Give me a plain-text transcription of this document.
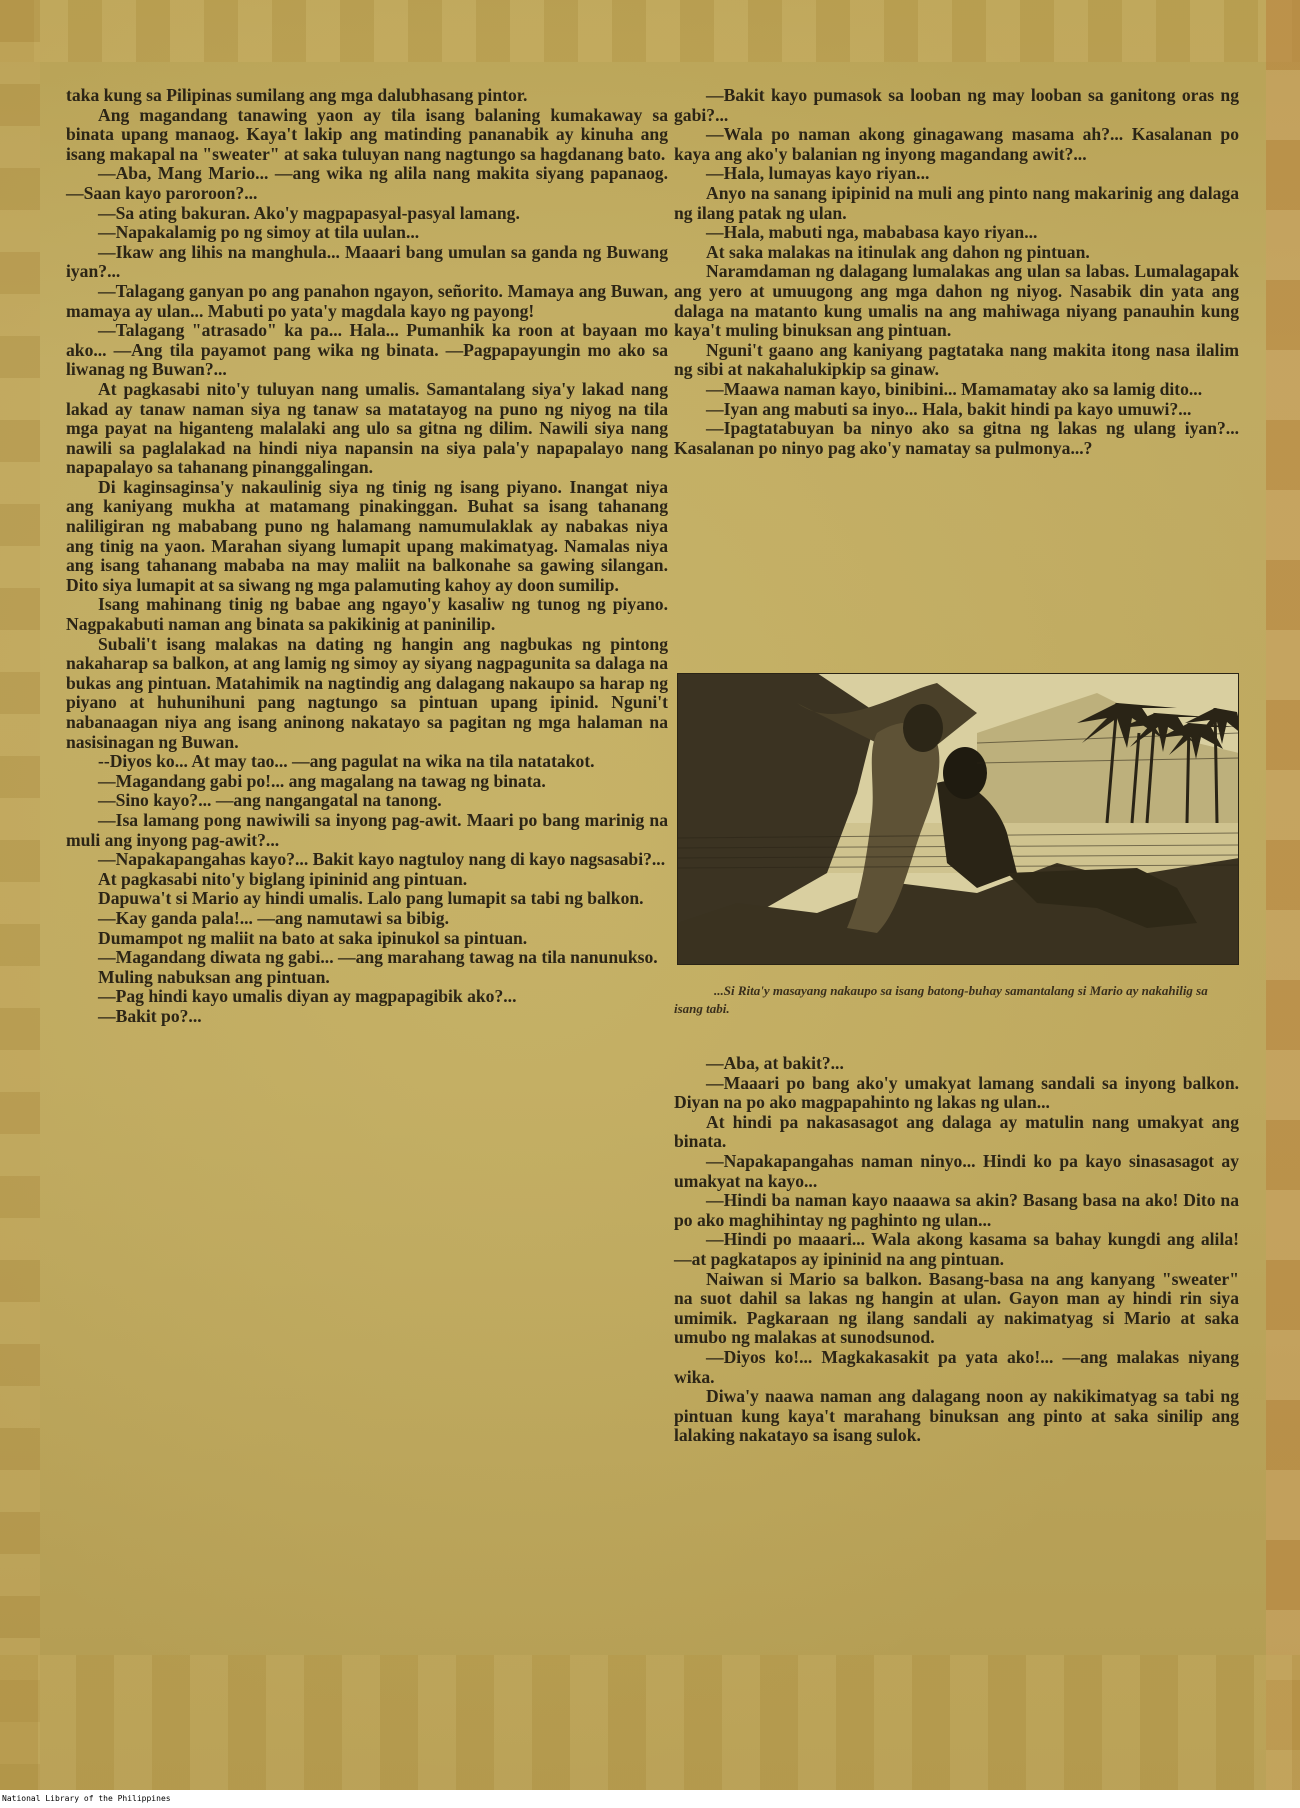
taka kung sa Pilipinas sumilang ang mga dalubhasang pintor.

Ang magandang tanawing yaon ay tila isang balaning kumakaway sa binata upang manaog. Kaya't lakip ang matinding pananabik ay kinuha ang isang makapal na "sweater" at saka tuluyan nang nagtungo sa hagdanang bato.

—Aba, Mang Mario... —ang wika ng alila nang makita siyang papanaog. —Saan kayo paroroon?...

—Sa ating bakuran. Ako'y magpapasyal-pasyal lamang.

—Napakalamig po ng simoy at tila uulan...

—Ikaw ang lihis na manghula... Maaari bang umulan sa ganda ng Buwang iyan?...

—Talagang ganyan po ang panahon ngayon, señorito. Mamaya ang Buwan, mamaya ay ulan... Mabuti po yata'y magdala kayo ng payong!

—Talagang "atrasado" ka pa... Hala... Pumanhik ka roon at bayaan mo ako... —Ang tila payamot pang wika ng binata. —Pagpapayungin mo ako sa liwanag ng Buwan?...

At pagkasabi nito'y tuluyan nang umalis. Samantalang siya'y lakad nang lakad ay tanaw naman siya ng tanaw sa matatayog na puno ng niyog na tila mga payat na higanteng malalaki ang ulo sa gitna ng dilim. Nawili siya nang nawili sa paglalakad na hindi niya napansin na siya pala'y napapalayo nang napapalayo sa tahanang pinanggalingan.

Di kaginsaginsa'y nakaulinig siya ng tinig ng isang piyano. Inangat niya ang kaniyang mukha at matamang pinakinggan. Buhat sa isang tahanang naliligiran ng mababang puno ng halamang namumulaklak ay nabakas niya ang tinig na yaon. Marahan siyang lumapit upang makimatyag. Namalas niya ang isang tahanang mababa na may maliit na balkonahe sa gawing silangan. Dito siya lumapit at sa siwang ng mga palamuting kahoy ay doon sumilip.

Isang mahinang tinig ng babae ang ngayo'y kasaliw ng tunog ng piyano. Nagpakabuti naman ang binata sa pakikinig at paninilip.

Subali't isang malakas na dating ng hangin ang nagbukas ng pintong nakaharap sa balkon, at ang lamig ng simoy ay siyang nagpagunita sa dalaga na bukas ang pintuan. Matahimik na nagtindig ang dalagang nakaupo sa harap ng piyano at huhunihuni pang nagtungo sa pintuan upang ipinid. Nguni't nabanaagan niya ang isang aninong nakatayo sa pagitan ng mga halaman na nasisinagan ng Buwan.

--Diyos ko... At may tao... —ang pagulat na wika na tila natatakot.

—Magandang gabi po!... ang magalang na tawag ng binata.

—Sino kayo?... —ang nangangatal na tanong.

—Isa lamang pong nawiwili sa inyong pag-awit. Maari po bang marinig na muli ang inyong pag-awit?...

—Napakapangahas kayo?... Bakit kayo nagtuloy nang di kayo nagsasabi?...

At pagkasabi nito'y biglang ipininid ang pintuan.

Dapuwa't si Mario ay hindi umalis. Lalo pang lumapit sa tabi ng balkon.

—Kay ganda pala!... —ang namutawi sa bibig.

Dumampot ng maliit na bato at saka ipinukol sa pintuan.

—Magandang diwata ng gabi... —ang marahang tawag na tila nanunukso.

Muling nabuksan ang pintuan.

—Pag hindi kayo umalis diyan ay magpapagibik ako?...

—Bakit po?...

—Bakit kayo pumasok sa looban ng may looban sa ganitong oras ng gabi?...

—Wala po naman akong ginagawang masama ah?... Kasalanan po kaya ang ako'y balanian ng inyong magandang awit?...

—Hala, lumayas kayo riyan...

Anyo na sanang ipipinid na muli ang pinto nang makarinig ang dalaga ng ilang patak ng ulan.

—Hala, mabuti nga, mababasa kayo riyan...

At saka malakas na itinulak ang dahon ng pintuan.

Naramdaman ng dalagang lumalakas ang ulan sa labas. Lumalagapak ang yero at umuugong ang mga dahon ng niyog. Nasabik din yata ang dalaga na matanto kung umalis na ang mahiwaga niyang panauhin kung kaya't muling binuksan ang pintuan.

Nguni't gaano ang kaniyang pagtataka nang makita itong nasa ilalim ng sibi at nakahalukipkip sa ginaw.

—Maawa naman kayo, binibini... Mamamatay ako sa lamig dito...

—Iyan ang mabuti sa inyo... Hala, bakit hindi pa kayo umuwi?...

—Ipagtatabuyan ba ninyo ako sa gitna ng lakas ng ulang iyan?... Kasalanan po ninyo pag ako'y namatay sa pulmonya...?

...Si Rita'y masayang nakaupo sa isang batong-buhay samantalang si Mario ay nakahilig sa isang tabi.

—Aba, at bakit?...

—Maaari po bang ako'y umakyat lamang sandali sa inyong balkon. Diyan na po ako magpapahinto ng lakas ng ulan...

At hindi pa nakasasagot ang dalaga ay matulin nang umakyat ang binata.

—Napakapangahas naman ninyo... Hindi ko pa kayo sinasasagot ay umakyat na kayo...

—Hindi ba naman kayo naaawa sa akin? Basang basa na ako! Dito na po ako maghihintay ng paghinto ng ulan...

—Hindi po maaari... Wala akong kasama sa bahay kungdi ang alila! —at pagkatapos ay ipininid na ang pintuan.

Naiwan si Mario sa balkon. Basang-basa na ang kanyang "sweater" na suot dahil sa lakas ng hangin at ulan. Gayon man ay hindi rin siya umimik. Pagkaraan ng ilang sandali ay nakimatyag si Mario at saka umubo ng malakas at sunodsunod.

—Diyos ko!... Magkakasakit pa yata ako!... —ang malakas niyang wika.

Diwa'y naawa naman ang dalagang noon ay nakikimatyag sa tabi ng pintuan kung kaya't marahang binuksan ang pinto at saka sinilip ang lalaking nakatayo sa isang sulok.

National Library of the Philippines
